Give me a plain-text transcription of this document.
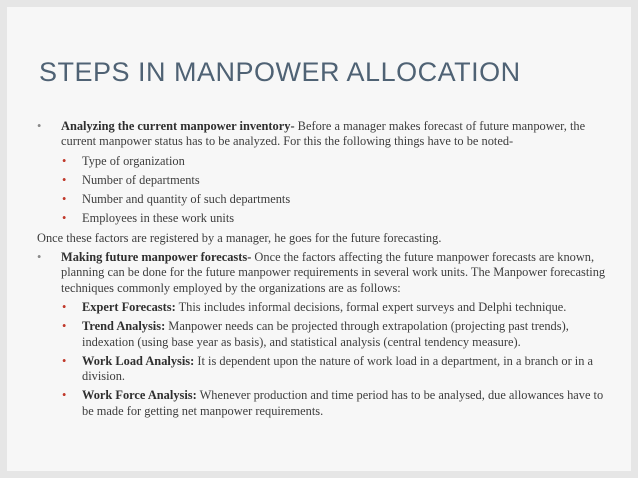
STEPS IN MANPOWER ALLOCATION

• Analyzing the current manpower inventory- Before a manager makes forecast of future manpower, the current manpower status has to be analyzed. For this the following things have to be noted-

• Type of organization

• Number of departments

• Number and quantity of such departments

• Employees in these work units

Once these factors are registered by a manager, he goes for the future forecasting.

• Making future manpower forecasts- Once the factors affecting the future manpower forecasts are known, planning can be done for the future manpower requirements in several work units. The Manpower forecasting techniques commonly employed by the organizations are as follows:

• Expert Forecasts: This includes informal decisions, formal expert surveys and Delphi technique.

• Trend Analysis: Manpower needs can be projected through extrapolation (projecting past trends), indexation (using base year as basis), and statistical analysis (central tendency measure).

• Work Load Analysis: It is dependent upon the nature of work load in a department, in a branch or in a division.

• Work Force Analysis: Whenever production and time period has to be analysed, due allowances have to be made for getting net manpower requirements.
